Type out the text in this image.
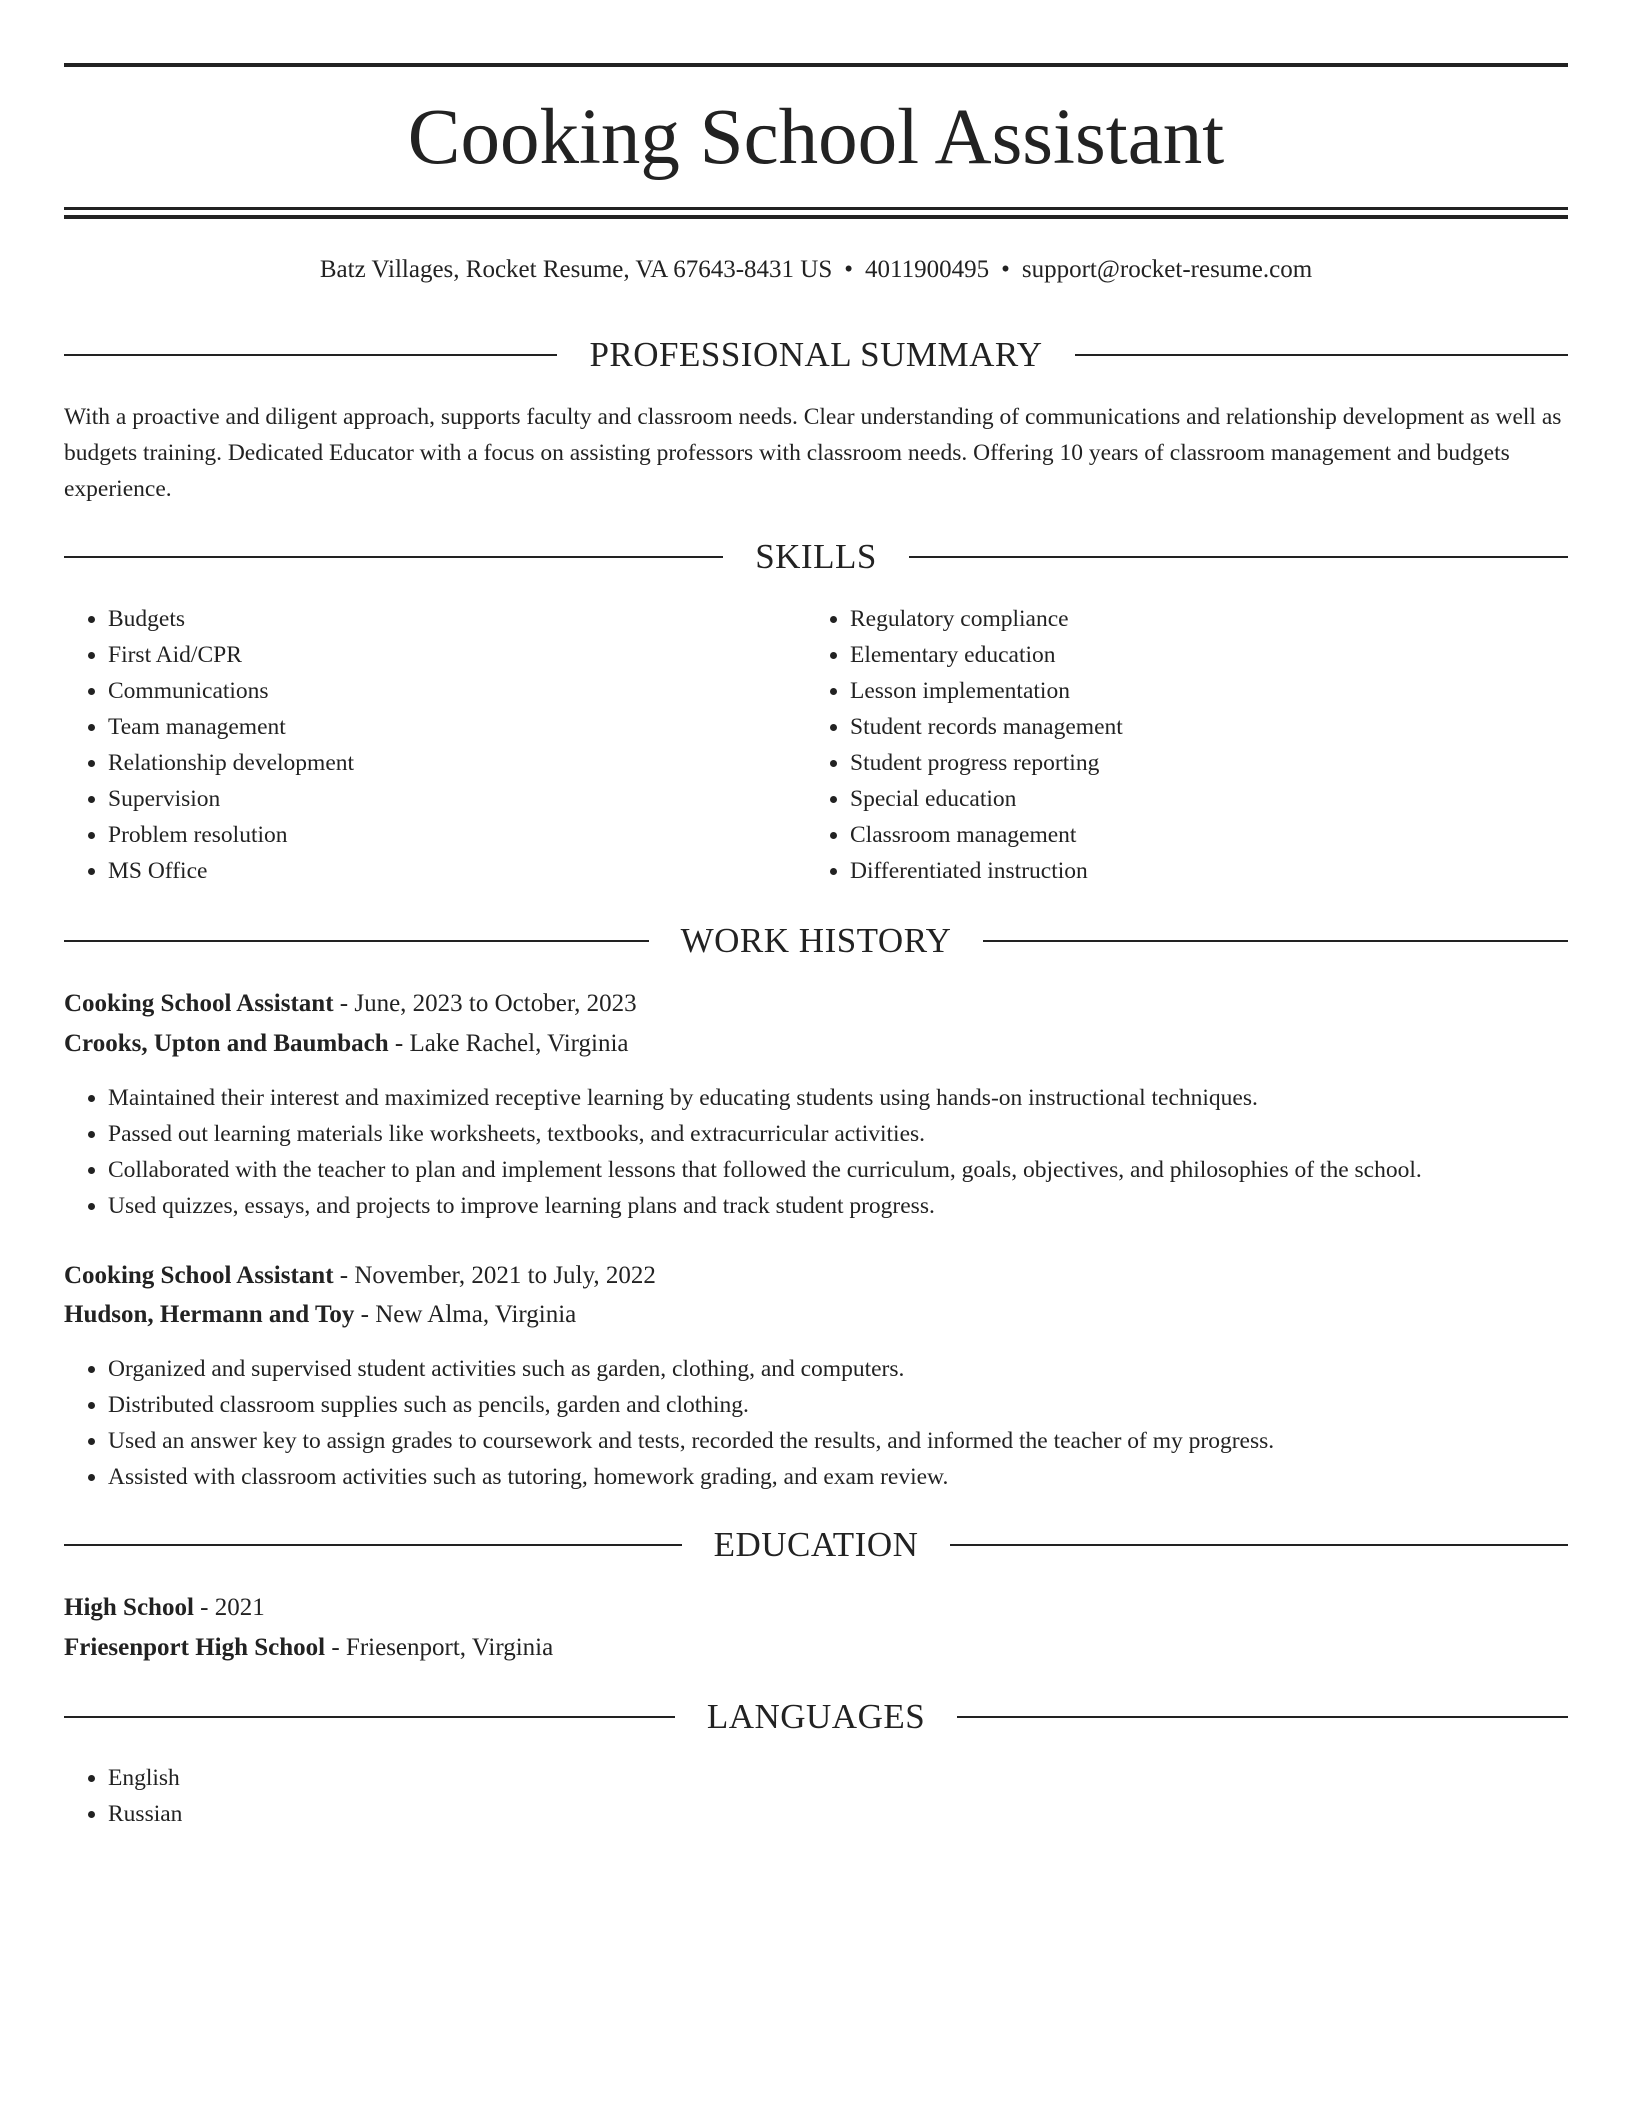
Cooking School Assistant
Batz Villages, Rocket Resume, VA 67643-8431 US • 4011900495 • support@rocket-resume.com
PROFESSIONAL SUMMARY
With a proactive and diligent approach, supports faculty and classroom needs. Clear understanding of communications and relationship development as well as budgets training. Dedicated Educator with a focus on assisting professors with classroom needs. Offering 10 years of classroom management and budgets experience.
SKILLS
• Budgets
• First Aid/CPR
• Communications
• Team management
• Relationship development
• Supervision
• Problem resolution
• MS Office
• Regulatory compliance
• Elementary education
• Lesson implementation
• Student records management
• Student progress reporting
• Special education
• Classroom management
• Differentiated instruction
WORK HISTORY
Cooking School Assistant - June, 2023 to October, 2023
Crooks, Upton and Baumbach - Lake Rachel, Virginia
• Maintained their interest and maximized receptive learning by educating students using hands-on instructional techniques.
• Passed out learning materials like worksheets, textbooks, and extracurricular activities.
• Collaborated with the teacher to plan and implement lessons that followed the curriculum, goals, objectives, and philosophies of the school.
• Used quizzes, essays, and projects to improve learning plans and track student progress.
Cooking School Assistant - November, 2021 to July, 2022
Hudson, Hermann and Toy - New Alma, Virginia
• Organized and supervised student activities such as garden, clothing, and computers.
• Distributed classroom supplies such as pencils, garden and clothing.
• Used an answer key to assign grades to coursework and tests, recorded the results, and informed the teacher of my progress.
• Assisted with classroom activities such as tutoring, homework grading, and exam review.
EDUCATION
High School - 2021
Friesenport High School - Friesenport, Virginia
LANGUAGES
• English
• Russian
